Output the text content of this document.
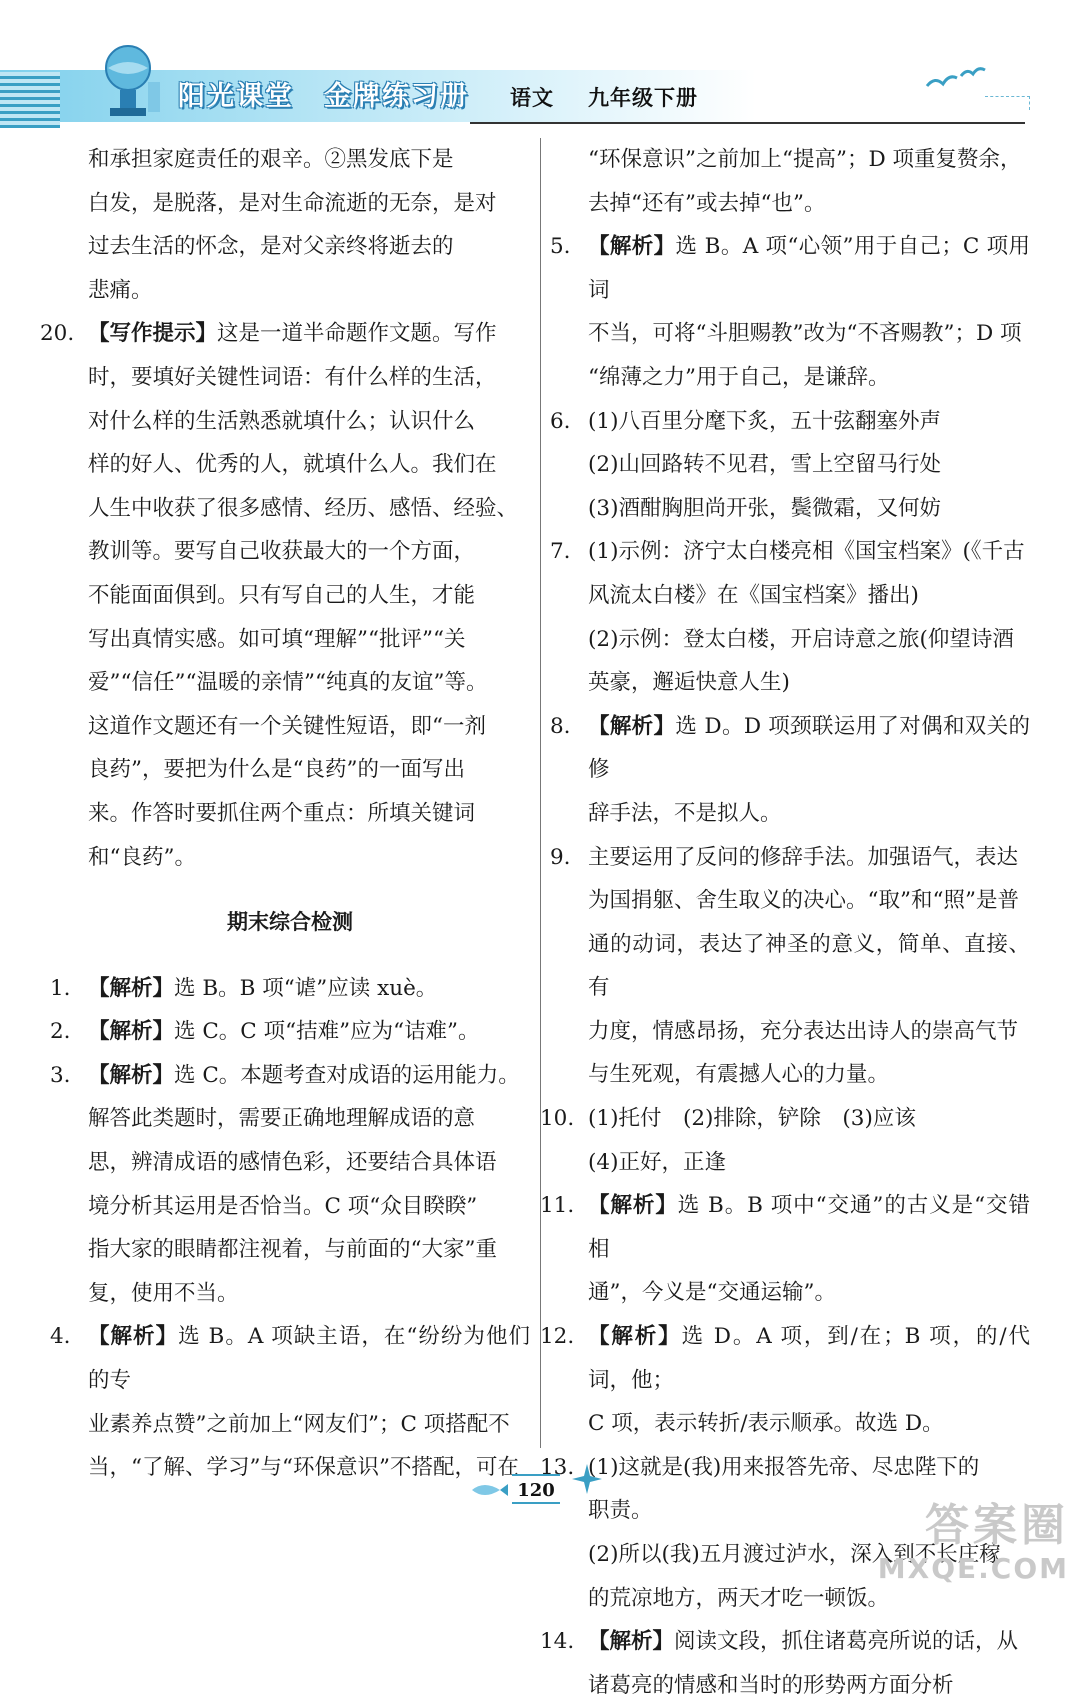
阳光课堂 金牌练习册	语文 九年级下册
和承担家庭责任的艰辛。②黑发底下是
白发，是脱落，是对生命流逝的无奈，是对
过去生活的怀念，是对父亲终将逝去的
悲痛。
20. 【写作提示】这是一道半命题作文题。写作
时，要填好关键性词语：有什么样的生活，
对什么样的生活熟悉就填什么；认识什么
样的好人、优秀的人，就填什么人。我们在
人生中收获了很多感情、经历、感悟、经验、
教训等。要写自己收获最大的一个方面，
不能面面俱到。只有写自己的人生，才能
写出真情实感。如可填“理解”“批评”“关
爱”“信任”“温暖的亲情”“纯真的友谊”等。
这道作文题还有一个关键性短语，即“一剂
良药”，要把为什么是“良药”的一面写出
来。作答时要抓住两个重点：所填关键词
和“良药”。
期末综合检测
1. 【解析】选 B。B 项“谑”应读 xuè。
2. 【解析】选 C。C 项“拮难”应为“诘难”。
3. 【解析】选 C。本题考查对成语的运用能力。
解答此类题时，需要正确地理解成语的意
思，辨清成语的感情色彩，还要结合具体语
境分析其运用是否恰当。C 项“众目睽睽”
指大家的眼睛都注视着，与前面的“大家”重
复，使用不当。
4. 【解析】选 B。A 项缺主语，在“纷纷为他们的专
业素养点赞”之前加上“网友们”；C 项搭配不
当，“了解、学习”与“环保意识”不搭配，可在
“环保意识”之前加上“提高”；D 项重复赘余，
去掉“还有”或去掉“也”。
5. 【解析】选 B。A 项“心领”用于自己；C 项用词
不当，可将“斗胆赐教”改为“不吝赐教”；D 项
“绵薄之力”用于自己，是谦辞。
6. (1)八百里分麾下炙，五十弦翻塞外声
(2)山回路转不见君，雪上空留马行处
(3)酒酣胸胆尚开张，鬓微霜，又何妨
7. (1)示例：济宁太白楼亮相《国宝档案》(《千古
风流太白楼》在《国宝档案》播出)
(2)示例：登太白楼，开启诗意之旅(仰望诗酒
英豪，邂逅快意人生)
8. 【解析】选 D。D 项颈联运用了对偶和双关的修
辞手法，不是拟人。
9. 主要运用了反问的修辞手法。加强语气，表达
为国捐躯、舍生取义的决心。“取”和“照”是普
通的动词，表达了神圣的意义，简单、直接、有
力度，情感昂扬，充分表达出诗人的崇高气节
与生死观，有震撼人心的力量。
10. (1)托付　(2)排除，铲除　(3)应该
(4)正好，正逢
11. 【解析】选 B。B 项中“交通”的古义是“交错相
通”，今义是“交通运输”。
12. 【解析】选 D。A 项，到/在；B 项，的/代词，他；
C 项，表示转折/表示顺承。故选 D。
13. (1)这就是(我)用来报答先帝、尽忠陛下的
职责。
(2)所以(我)五月渡过泸水，深入到不长庄稼
的荒凉地方，两天才吃一顿饭。
14. 【解析】阅读文段，抓住诸葛亮所说的话，从
诸葛亮的情感和当时的形势两方面分析
120
答案圈
MXQE.COM
